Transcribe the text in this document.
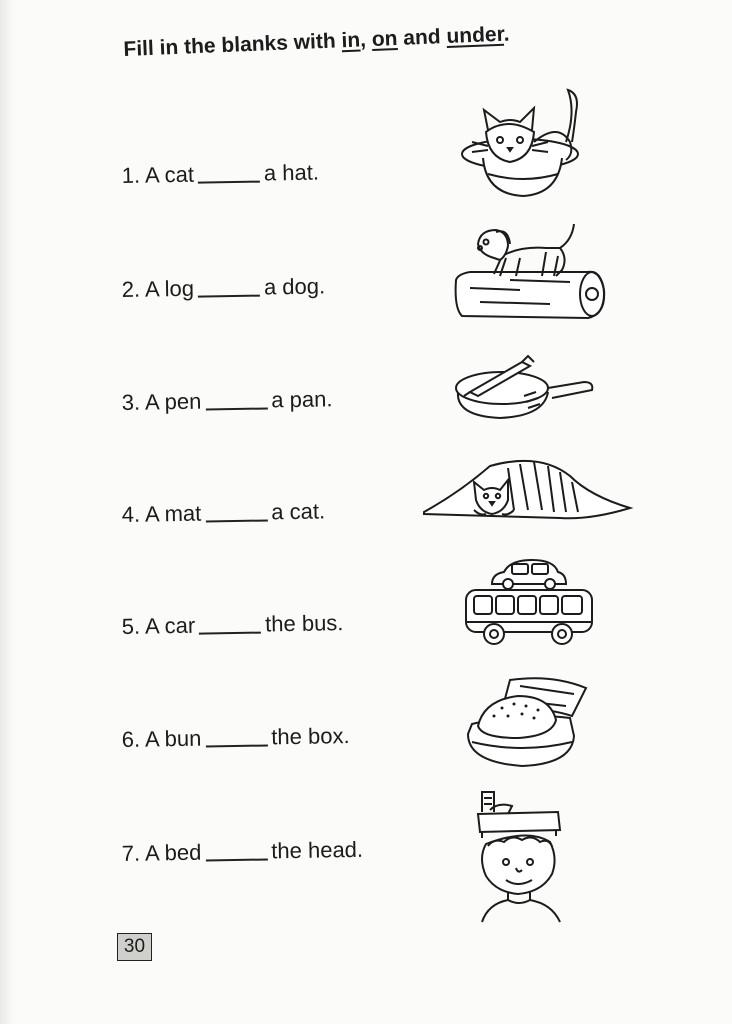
Fill in the blanks with in, on and under.
1. A cat	a hat.
2. A log	a dog.
3. A pen	a pan.
4. A mat	a cat.
5. A car	the bus.
6. A bun	the box.
7. A bed	the head.
30
